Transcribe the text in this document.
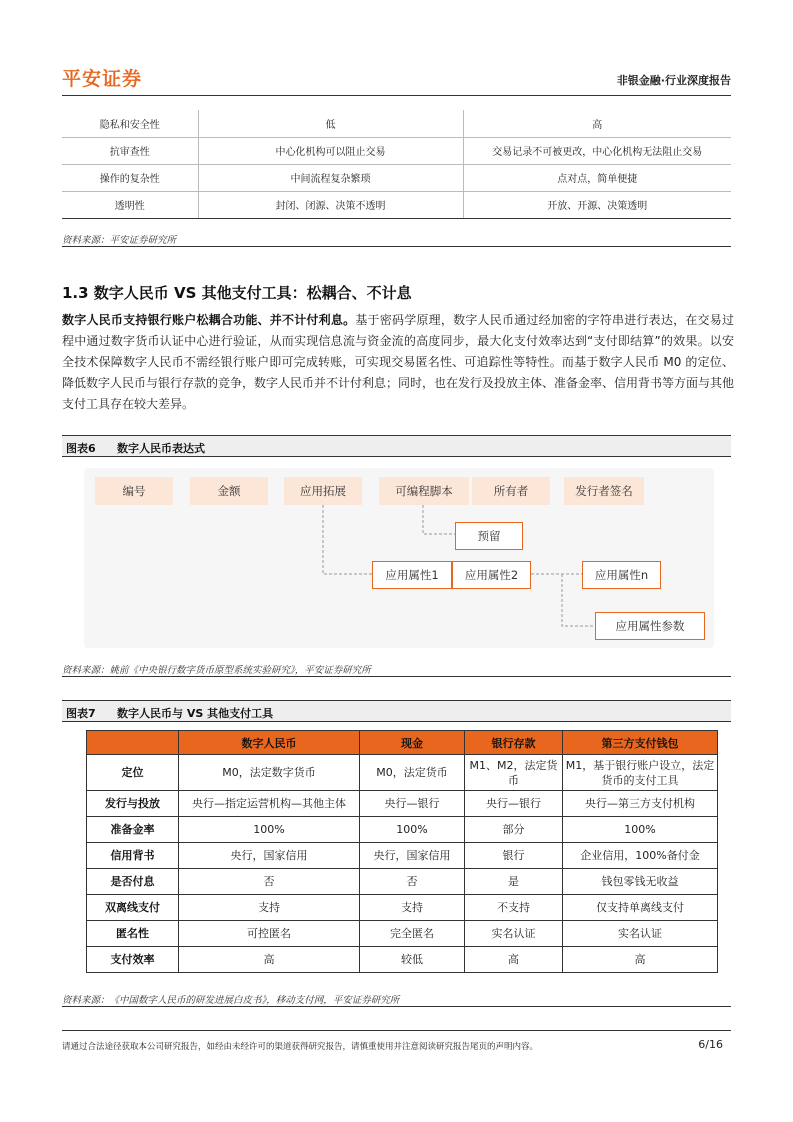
平安证券	非银金融·行业深度报告
隐私和安全性	低	高
抗审查性	中心化机构可以阻止交易	交易记录不可被更改，中心化机构无法阻止交易
操作的复杂性	中间流程复杂繁琐	点对点，简单便捷
透明性	封闭、闭源、决策不透明	开放、开源、决策透明
资料来源：平安证券研究所
1.3 数字人民币 VS 其他支付工具：松耦合、不计息
数字人民币支持银行账户松耦合功能、并不计付利息。基于密码学原理，数字人民币通过经加密的字符串进行表达，在交易过程中通过数字货币认证中心进行验证，从而实现信息流与资金流的高度同步，最大化支付效率达到“支付即结算”的效果。以安全技术保障数字人民币不需经银行账户即可完成转账，可实现交易匿名性、可追踪性等特性。而基于数字人民币 M0 的定位、降低数字人民币与银行存款的竞争，数字人民币并不计付利息；同时，也在发行及投放主体、准备金率、信用背书等方面与其他支付工具存在较大差异。
图表6 数字人民币表达式
编号	金额	应用拓展	可编程脚本	所有者	发行者签名
预留
应用属性1	应用属性2	应用属性n
应用属性参数
资料来源：姚前《中央银行数字货币原型系统实验研究》，平安证券研究所
图表7 数字人民币与 VS 其他支付工具
	数字人民币	现金	银行存款	第三方支付钱包
定位	M0，法定数字货币	M0，法定货币	M1、M2，法定货币	M1，基于银行账户设立，法定货币的支付工具
发行与投放	央行—指定运营机构—其他主体	央行—银行	央行—银行	央行—第三方支付机构
准备金率	100%	100%	部分	100%
信用背书	央行，国家信用	央行，国家信用	银行	企业信用，100%备付金
是否付息	否	否	是	钱包零钱无收益
双离线支付	支持	支持	不支持	仅支持单离线支付
匿名性	可控匿名	完全匿名	实名认证	实名认证
支付效率	高	较低	高	高
资料来源：《中国数字人民币的研发进展白皮书》，移动支付网，平安证券研究所
请通过合法途径获取本公司研究报告，如经由未经许可的渠道获得研究报告，请慎重使用并注意阅读研究报告尾页的声明内容。	6/16
